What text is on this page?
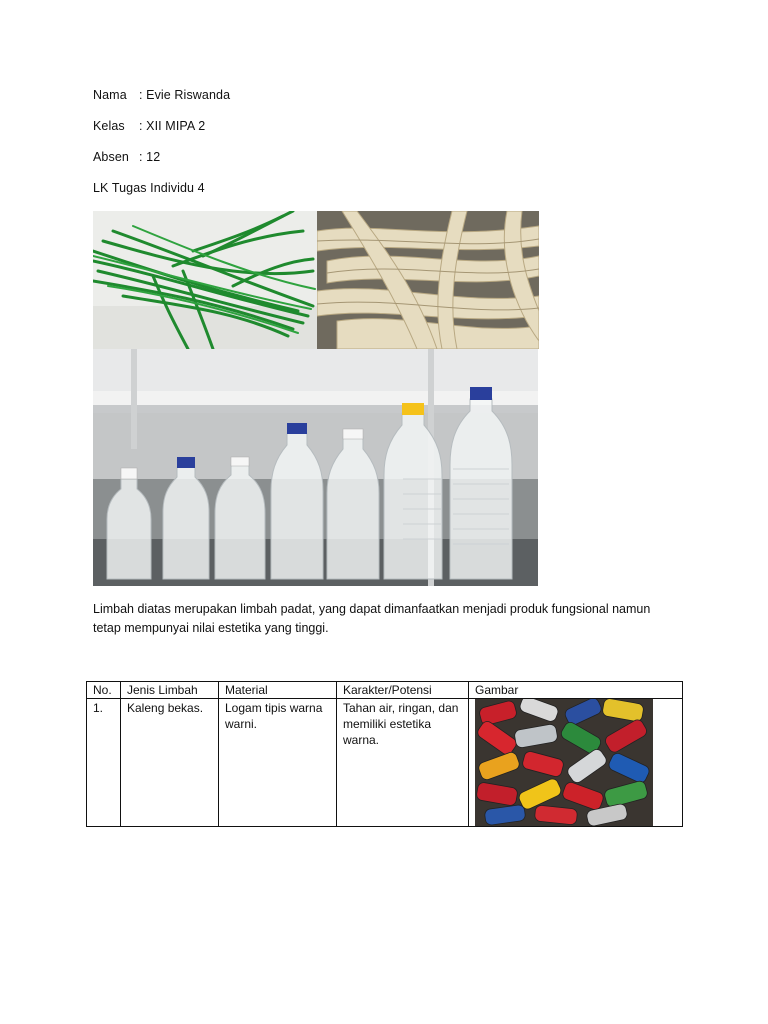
Nama : Evie Riswanda
Kelas : XII MIPA 2
Absen : 12
LK Tugas Individu 4

Limbah diatas merupakan limbah padat, yang dapat dimanfaatkan menjadi produk fungsional namun tetap mempunyai nilai estetika yang tinggi.

No.	Jenis Limbah	Material	Karakter/Potensi	Gambar
1.	Kaleng bekas.	Logam tipis warna warni.	Tahan air, ringan, dan memiliki estetika warna.	
